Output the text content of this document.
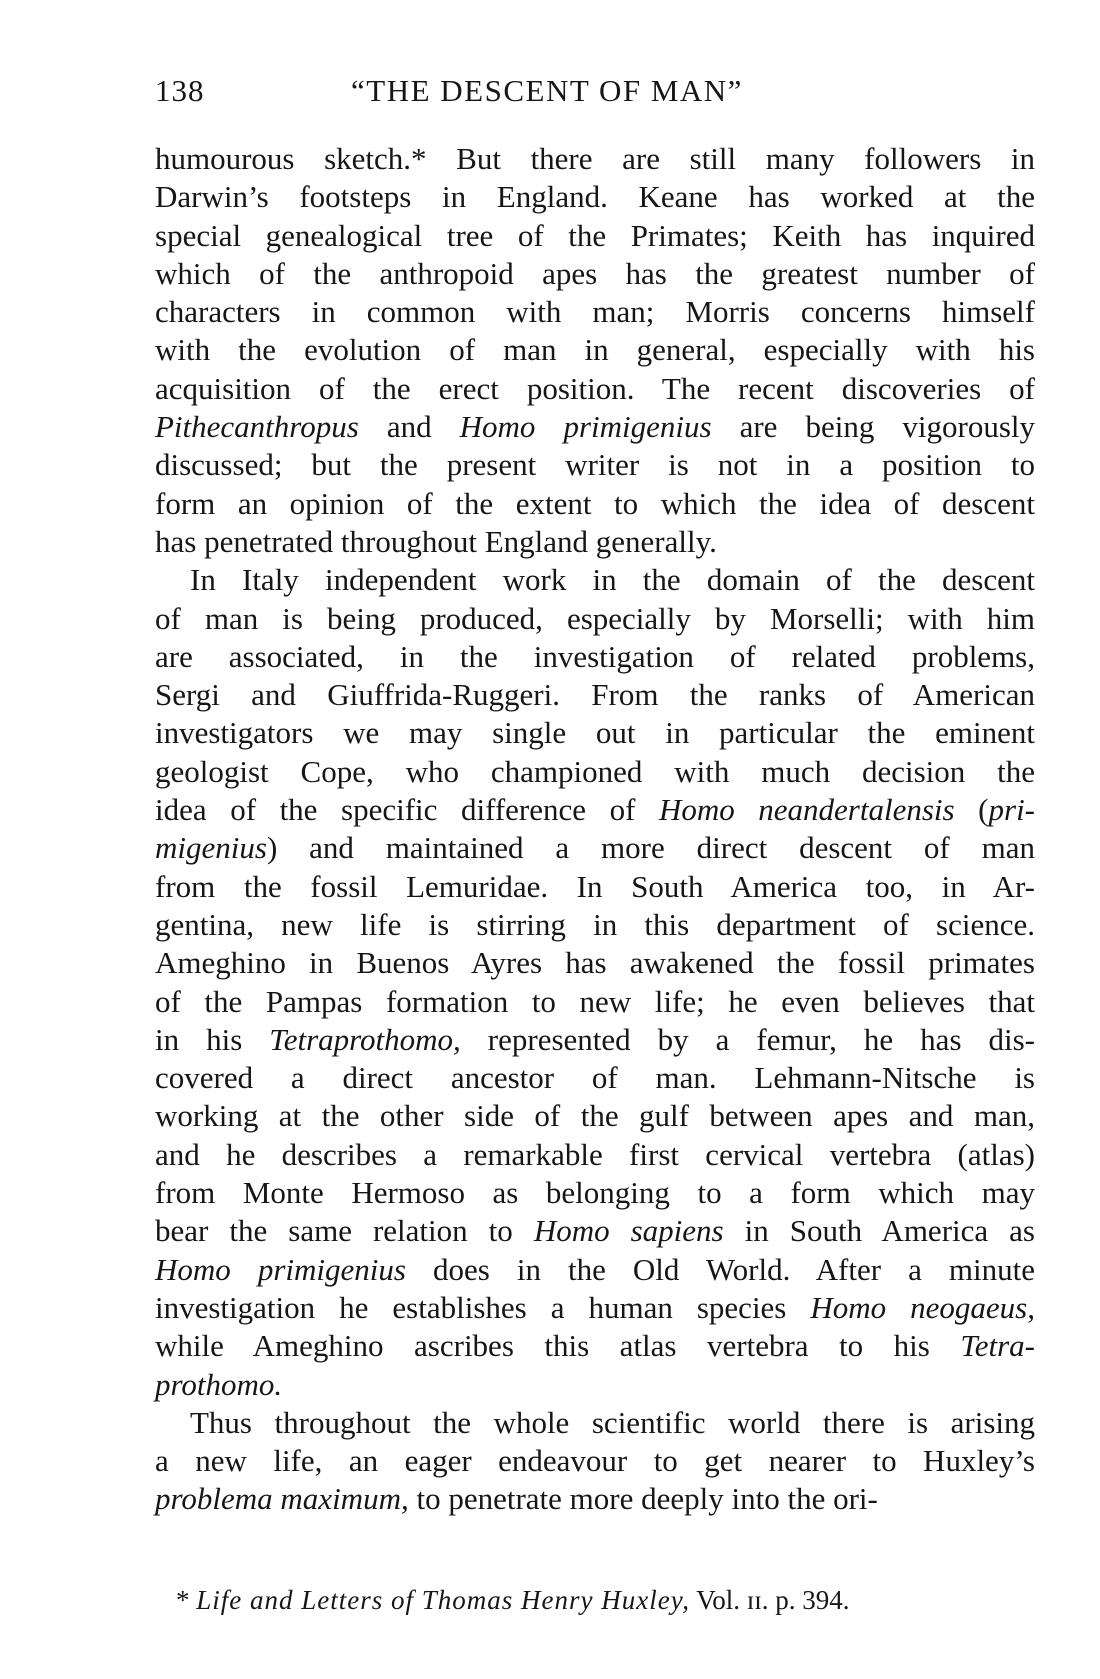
138	“THE DESCENT OF MAN”
humourous sketch.* But there are still many followers in
Darwin’s footsteps in England. Keane has worked at the
special genealogical tree of the Primates; Keith has inquired
which of the anthropoid apes has the greatest number of
characters in common with man; Morris concerns himself
with the evolution of man in general, especially with his
acquisition of the erect position. The recent discoveries of
Pithecanthropus and Homo primigenius are being vigorously
discussed; but the present writer is not in a position to
form an opinion of the extent to which the idea of descent
has penetrated throughout England generally.
In Italy independent work in the domain of the descent
of man is being produced, especially by Morselli; with him
are associated, in the investigation of related problems,
Sergi and Giuffrida-Ruggeri. From the ranks of American
investigators we may single out in particular the eminent
geologist Cope, who championed with much decision the
idea of the specific difference of Homo neandertalensis (pri-
migenius) and maintained a more direct descent of man
from the fossil Lemuridae. In South America too, in Ar-
gentina, new life is stirring in this department of science.
Ameghino in Buenos Ayres has awakened the fossil primates
of the Pampas formation to new life; he even believes that
in his Tetraprothomo, represented by a femur, he has dis-
covered a direct ancestor of man. Lehmann-Nitsche is
working at the other side of the gulf between apes and man,
and he describes a remarkable first cervical vertebra (atlas)
from Monte Hermoso as belonging to a form which may
bear the same relation to Homo sapiens in South America as
Homo primigenius does in the Old World. After a minute
investigation he establishes a human species Homo neogaeus,
while Ameghino ascribes this atlas vertebra to his Tetra-
prothomo.
Thus throughout the whole scientific world there is arising
a new life, an eager endeavour to get nearer to Huxley’s
problema maximum, to penetrate more deeply into the ori-
* Life and Letters of Thomas Henry Huxley, Vol. ɪɪ. p. 394.
